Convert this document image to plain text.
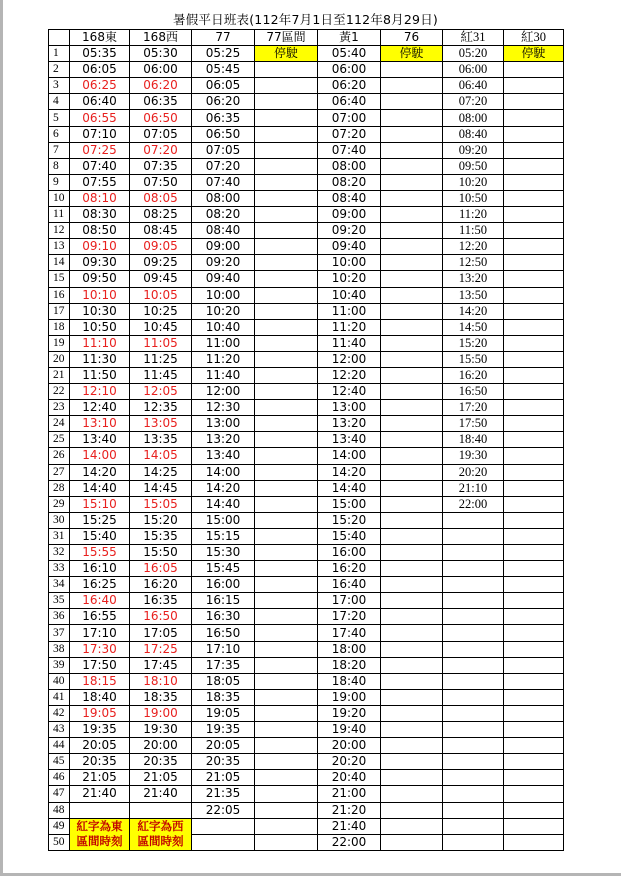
暑假平日班表(112年7月1日至112年8月29日)
	168東	168西	77	77區間	黃1	76	紅31	紅30
1	05:35	05:30	05:25	停駛	05:40	停駛	05:20	停駛
2	06:05	06:00	05:45		06:00		06:00	
3	06:25	06:20	06:05		06:20		06:40	
4	06:40	06:35	06:20		06:40		07:20	
5	06:55	06:50	06:35		07:00		08:00	
6	07:10	07:05	06:50		07:20		08:40	
7	07:25	07:20	07:05		07:40		09:20	
8	07:40	07:35	07:20		08:00		09:50	
9	07:55	07:50	07:40		08:20		10:20	
10	08:10	08:05	08:00		08:40		10:50	
11	08:30	08:25	08:20		09:00		11:20	
12	08:50	08:45	08:40		09:20		11:50	
13	09:10	09:05	09:00		09:40		12:20	
14	09:30	09:25	09:20		10:00		12:50	
15	09:50	09:45	09:40		10:20		13:20	
16	10:10	10:05	10:00		10:40		13:50	
17	10:30	10:25	10:20		11:00		14:20	
18	10:50	10:45	10:40		11:20		14:50	
19	11:10	11:05	11:00		11:40		15:20	
20	11:30	11:25	11:20		12:00		15:50	
21	11:50	11:45	11:40		12:20		16:20	
22	12:10	12:05	12:00		12:40		16:50	
23	12:40	12:35	12:30		13:00		17:20	
24	13:10	13:05	13:00		13:20		17:50	
25	13:40	13:35	13:20		13:40		18:40	
26	14:00	14:05	13:40		14:00		19:30	
27	14:20	14:25	14:00		14:20		20:20	
28	14:40	14:45	14:20		14:40		21:10	
29	15:10	15:05	14:40		15:00		22:00	
30	15:25	15:20	15:00		15:20			
31	15:40	15:35	15:15		15:40			
32	15:55	15:50	15:30		16:00			
33	16:10	16:05	15:45		16:20			
34	16:25	16:20	16:00		16:40			
35	16:40	16:35	16:15		17:00			
36	16:55	16:50	16:30		17:20			
37	17:10	17:05	16:50		17:40			
38	17:30	17:25	17:10		18:00			
39	17:50	17:45	17:35		18:20			
40	18:15	18:10	18:05		18:40			
41	18:40	18:35	18:35		19:00			
42	19:05	19:00	19:05		19:20			
43	19:35	19:30	19:35		19:40			
44	20:05	20:00	20:05		20:00			
45	20:35	20:35	20:35		20:20			
46	21:05	21:05	21:05		20:40			
47	21:40	21:40	21:35		21:00			
48			22:05		21:20			
49	紅字為東	紅字為西			21:40			
50	區間時刻	區間時刻			22:00			
